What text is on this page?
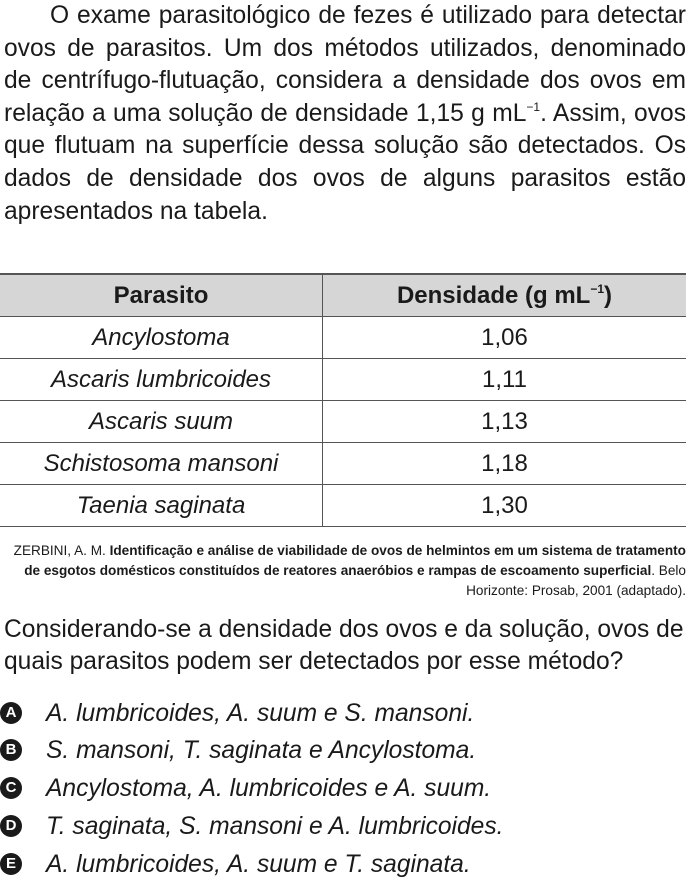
O exame parasitológico de fezes é utilizado para detectar ovos de parasitos. Um dos métodos utilizados, denominado de centrífugo-flutuação, considera a densidade dos ovos em relação a uma solução de densidade 1,15 g $mL^{-1}$. Assim, ovos que flutuam na superfície dessa solução são detectados. Os dados de densidade dos ovos de alguns parasitos estão apresentados na tabela.

Parasito	Densidade (g $mL^{-1}$)
Ancylostoma	1,06
Ascaris lumbricoides	1,11
Ascaris suum	1,13
Schistosoma mansoni	1,18
Taenia saginata	1,30

ZERBINI, A. M. Identificação e análise de viabilidade de ovos de helmintos em um sistema de tratamento de esgotos domésticos constituídos de reatores anaeróbios e rampas de escoamento superficial. Belo Horizonte: Prosab, 2001 (adaptado).

Considerando-se a densidade dos ovos e da solução, ovos de quais parasitos podem ser detectados por esse método?

A A. lumbricoides, A. suum e S. mansoni.
B S. mansoni, T. saginata e Ancylostoma.
C Ancylostoma, A. lumbricoides e A. suum.
D T. saginata, S. mansoni e A. lumbricoides.
E A. lumbricoides, A. suum e T. saginata.
